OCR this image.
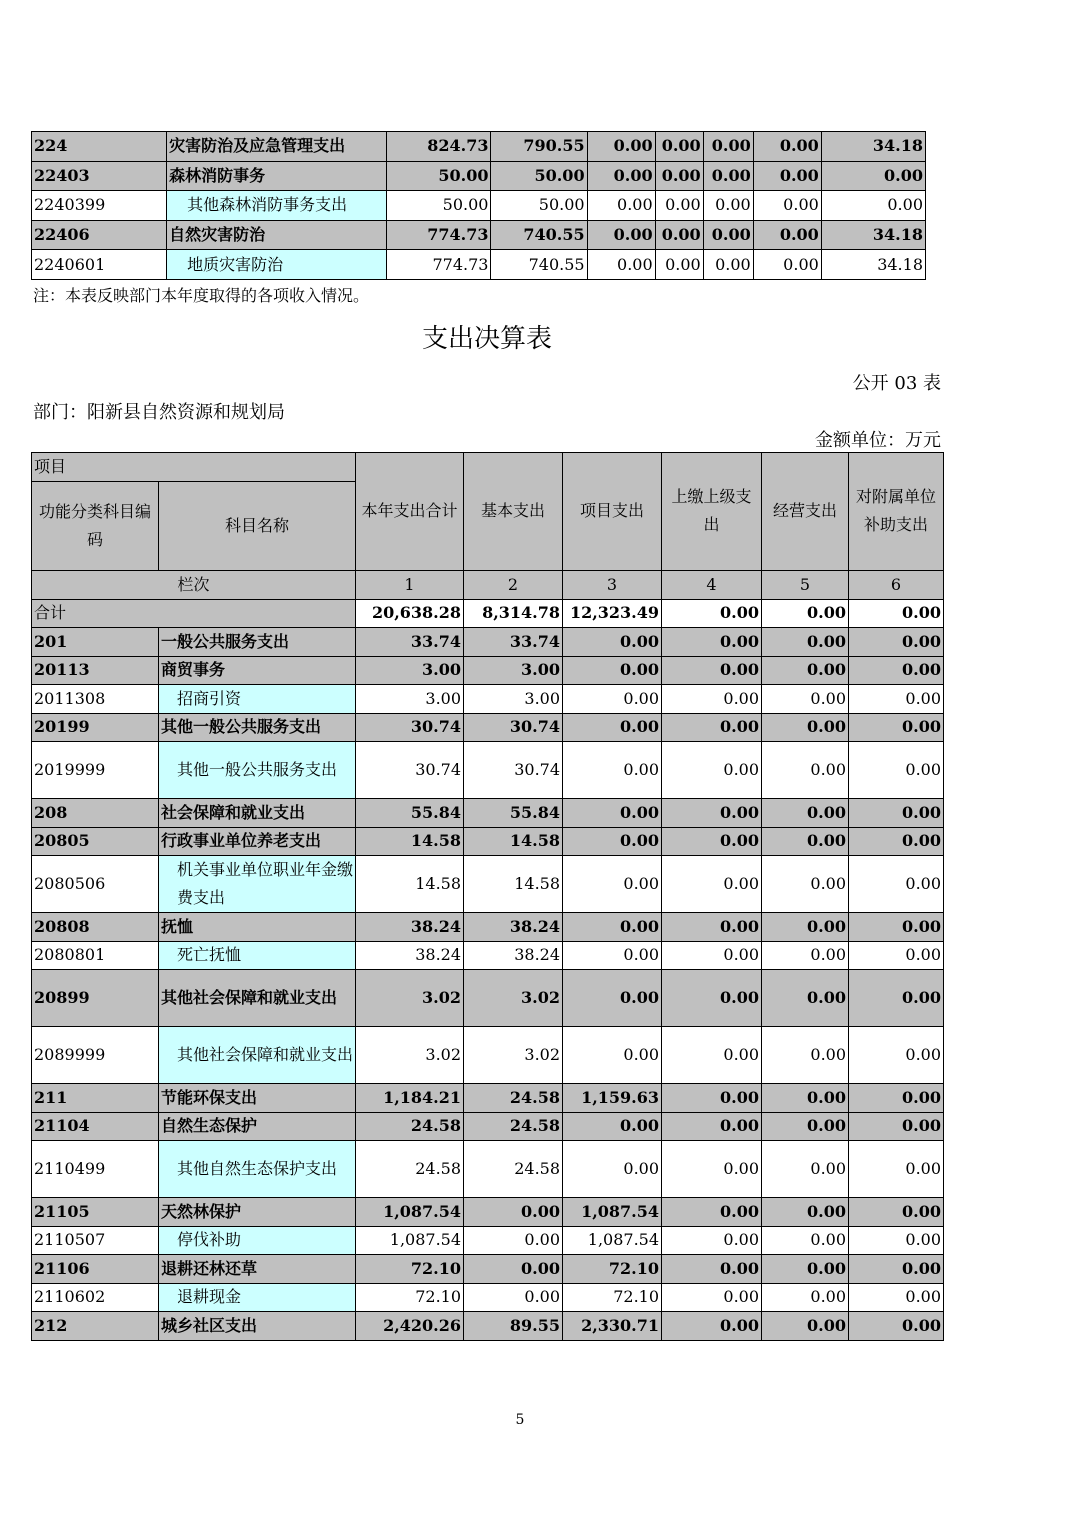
224	灾害防治及应急管理支出	824.73	790.55	0.00	0.00	0.00	0.00	34.18
22403	森林消防事务	50.00	50.00	0.00	0.00	0.00	0.00	0.00
2240399	其他森林消防事务支出	50.00	50.00	0.00	0.00	0.00	0.00	0.00
22406	自然灾害防治	774.73	740.55	0.00	0.00	0.00	0.00	34.18
2240601	地质灾害防治	774.73	740.55	0.00	0.00	0.00	0.00	34.18
注：本表反映部门本年度取得的各项收入情况。
支出决算表
公开 03 表
部门：阳新县自然资源和规划局
金额单位：万元
项目		本年支出合计	基本支出	项目支出	上缴上级支出	经营支出	对附属单位补助支出
功能分类科目编码	科目名称						
栏次		1	2	3	4	5	6
合计		20,638.28	8,314.78	12,323.49	0.00	0.00	0.00
201	一般公共服务支出	33.74	33.74	0.00	0.00	0.00	0.00
20113	商贸事务	3.00	3.00	0.00	0.00	0.00	0.00
2011308	招商引资	3.00	3.00	0.00	0.00	0.00	0.00
20199	其他一般公共服务支出	30.74	30.74	0.00	0.00	0.00	0.00
2019999	其他一般公共服务支出	30.74	30.74	0.00	0.00	0.00	0.00
208	社会保障和就业支出	55.84	55.84	0.00	0.00	0.00	0.00
20805	行政事业单位养老支出	14.58	14.58	0.00	0.00	0.00	0.00
2080506	机关事业单位职业年金缴费支出	14.58	14.58	0.00	0.00	0.00	0.00
20808	抚恤	38.24	38.24	0.00	0.00	0.00	0.00
2080801	死亡抚恤	38.24	38.24	0.00	0.00	0.00	0.00
20899	其他社会保障和就业支出	3.02	3.02	0.00	0.00	0.00	0.00
2089999	其他社会保障和就业支出	3.02	3.02	0.00	0.00	0.00	0.00
211	节能环保支出	1,184.21	24.58	1,159.63	0.00	0.00	0.00
21104	自然生态保护	24.58	24.58	0.00	0.00	0.00	0.00
2110499	其他自然生态保护支出	24.58	24.58	0.00	0.00	0.00	0.00
21105	天然林保护	1,087.54	0.00	1,087.54	0.00	0.00	0.00
2110507	停伐补助	1,087.54	0.00	1,087.54	0.00	0.00	0.00
21106	退耕还林还草	72.10	0.00	72.10	0.00	0.00	0.00
2110602	退耕现金	72.10	0.00	72.10	0.00	0.00	0.00
212	城乡社区支出	2,420.26	89.55	2,330.71	0.00	0.00	0.00
5
